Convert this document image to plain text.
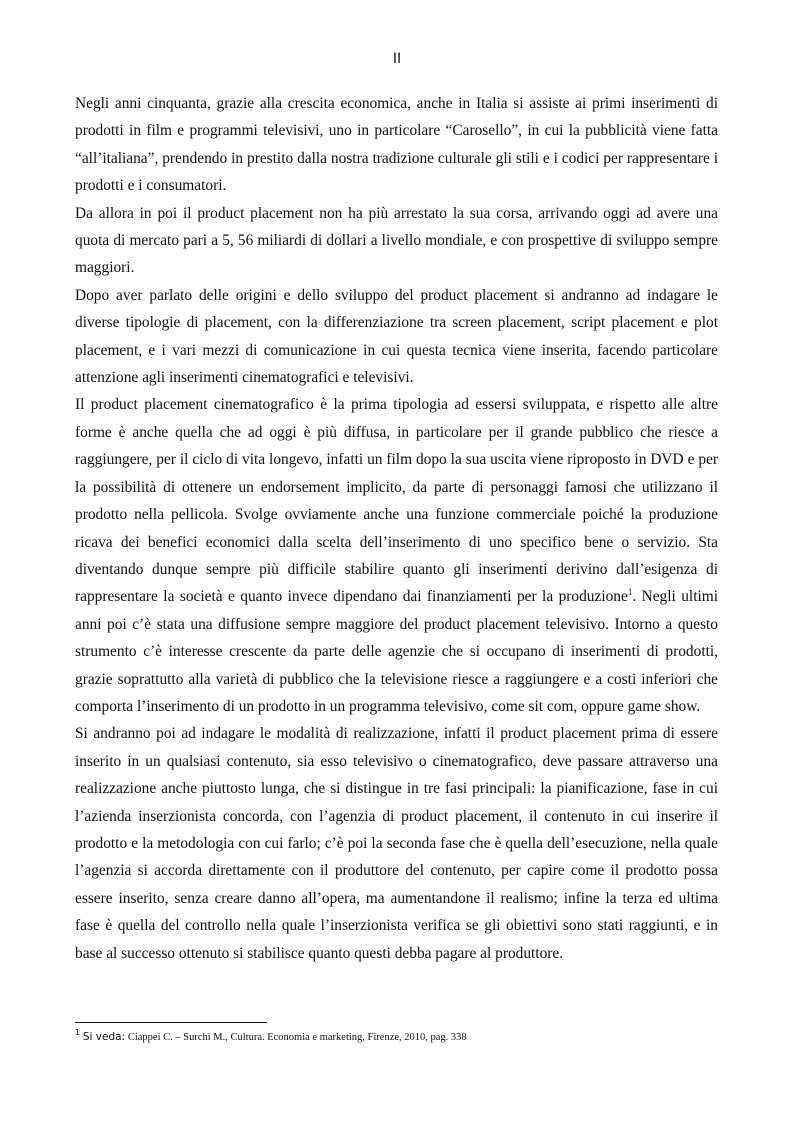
II

Negli anni cinquanta, grazie alla crescita economica, anche in Italia si assiste ai primi inserimenti di prodotti in film e programmi televisivi, uno in particolare “Carosello”, in cui la pubblicità viene fatta “all’italiana”, prendendo in prestito dalla nostra tradizione culturale gli stili e i codici per rappresentare i prodotti e i consumatori.

Da allora in poi il product placement non ha più arrestato la sua corsa, arrivando oggi ad avere una quota di mercato pari a 5, 56 miliardi di dollari a livello mondiale, e con prospettive di sviluppo sempre maggiori.

Dopo aver parlato delle origini e dello sviluppo del product placement si andranno ad indagare le diverse tipologie di placement, con la differenziazione tra screen placement, script placement e plot placement, e i vari mezzi di comunicazione in cui questa tecnica viene inserita, facendo particolare attenzione agli inserimenti cinematografici e televisivi.

Il product placement cinematografico è la prima tipologia ad essersi sviluppata, e rispetto alle altre forme è anche quella che ad oggi è più diffusa, in particolare per il grande pubblico che riesce a raggiungere, per il ciclo di vita longevo, infatti un film dopo la sua uscita viene riproposto in DVD e per la possibilità di ottenere un endorsement implicito, da parte di personaggi famosi che utilizzano il prodotto nella pellicola. Svolge ovviamente anche una funzione commerciale poiché la produzione ricava dei benefici economici dalla scelta dell’inserimento di uno specifico bene o servizio. Sta diventando dunque sempre più difficile stabilire quanto gli inserimenti derivino dall’esigenza di rappresentare la società e quanto invece dipendano dai finanziamenti per la produzione$^1$. Negli ultimi anni poi c’è stata una diffusione sempre maggiore del product placement televisivo. Intorno a questo strumento c’è interesse crescente da parte delle agenzie che si occupano di inserimenti di prodotti, grazie soprattutto alla varietà di pubblico che la televisione riesce a raggiungere e a costi inferiori che comporta l’inserimento di un prodotto in un programma televisivo, come sit com, oppure game show.

Si andranno poi ad indagare le modalità di realizzazione, infatti il product placement prima di essere inserito in un qualsiasi contenuto, sia esso televisivo o cinematografico, deve passare attraverso una realizzazione anche piuttosto lunga, che si distingue in tre fasi principali: la pianificazione, fase in cui l’azienda inserzionista concorda, con l’agenzia di product placement, il contenuto in cui inserire il prodotto e la metodologia con cui farlo; c’è poi la seconda fase che è quella dell’esecuzione, nella quale l’agenzia si accorda direttamente con il produttore del contenuto, per capire come il prodotto possa essere inserito, senza creare danno all’opera, ma aumentandone il realismo; infine la terza ed ultima fase è quella del controllo nella quale l’inserzionista verifica se gli obiettivi sono stati raggiunti, e in base al successo ottenuto si stabilisce quanto questi debba pagare al produttore.

$^1$ Si veda: Ciappei C. – Surchi M., Cultura. Economia e marketing, Firenze, 2010, pag. 338
